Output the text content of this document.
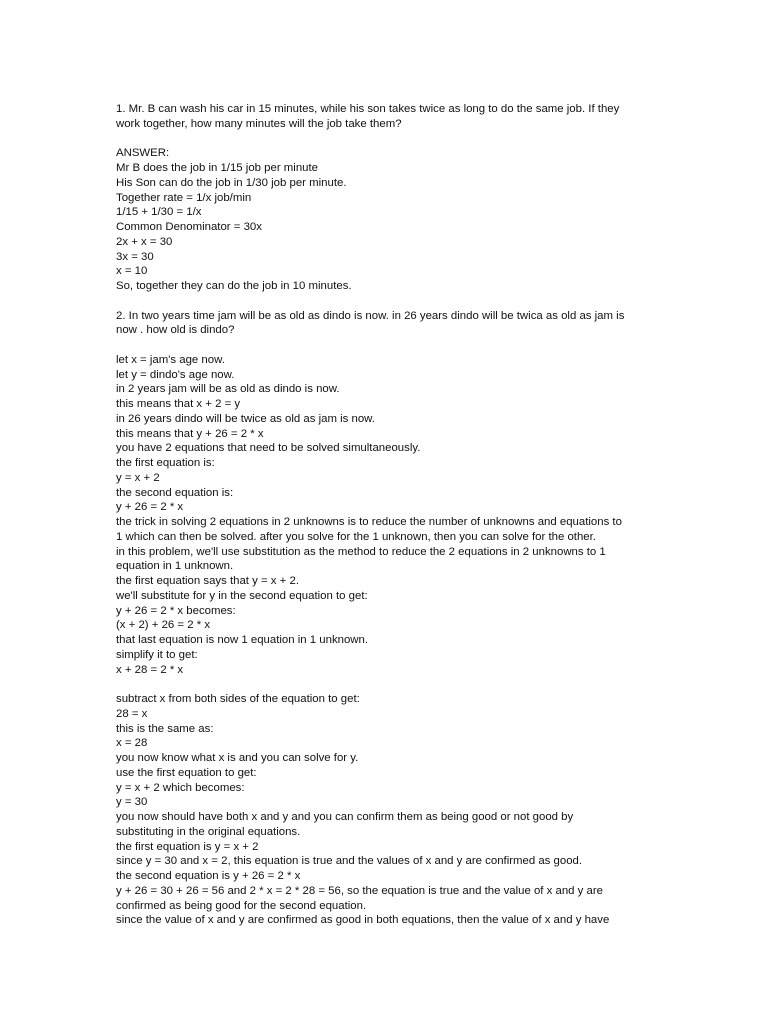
1. Mr. B can wash his car in 15 minutes, while his son takes twice as long to do the same job. If they
work together, how many minutes will the job take them?
ANSWER:
Mr B does the job in 1/15 job per minute
His Son can do the job in 1/30 job per minute.
Together rate = 1/x job/min
1/15 + 1/30 = 1/x
Common Denominator = 30x
2x + x = 30
3x = 30
x = 10
So, together they can do the job in 10 minutes.
2. In two years time jam will be as old as dindo is now. in 26 years dindo will be twica as old as jam is
now . how old is dindo?
let x = jam's age now.
let y = dindo's age now.
in 2 years jam will be as old as dindo is now.
this means that x + 2 = y
in 26 years dindo will be twice as old as jam is now.
this means that y + 26 = 2 * x
you have 2 equations that need to be solved simultaneously.
the first equation is:
y = x + 2
the second equation is:
y + 26 = 2 * x
the trick in solving 2 equations in 2 unknowns is to reduce the number of unknowns and equations to
1 which can then be solved. after you solve for the 1 unknown, then you can solve for the other.
in this problem, we'll use substitution as the method to reduce the 2 equations in 2 unknowns to 1
equation in 1 unknown.
the first equation says that y = x + 2.
we'll substitute for y in the second equation to get:
y + 26 = 2 * x becomes:
(x + 2) + 26 = 2 * x
that last equation is now 1 equation in 1 unknown.
simplify it to get:
x + 28 = 2 * x
subtract x from both sides of the equation to get:
28 = x
this is the same as:
x = 28
you now know what x is and you can solve for y.
use the first equation to get:
y = x + 2 which becomes:
y = 30
you now should have both x and y and you can confirm them as being good or not good by
substituting in the original equations.
the first equation is y = x + 2
since y = 30 and x = 2, this equation is true and the values of x and y are confirmed as good.
the second equation is y + 26 = 2 * x
y + 26 = 30 + 26 = 56 and 2 * x = 2 * 28 = 56, so the equation is true and the value of x and y are
confirmed as being good for the second equation.
since the value of x and y are confirmed as good in both equations, then the value of x and y have
